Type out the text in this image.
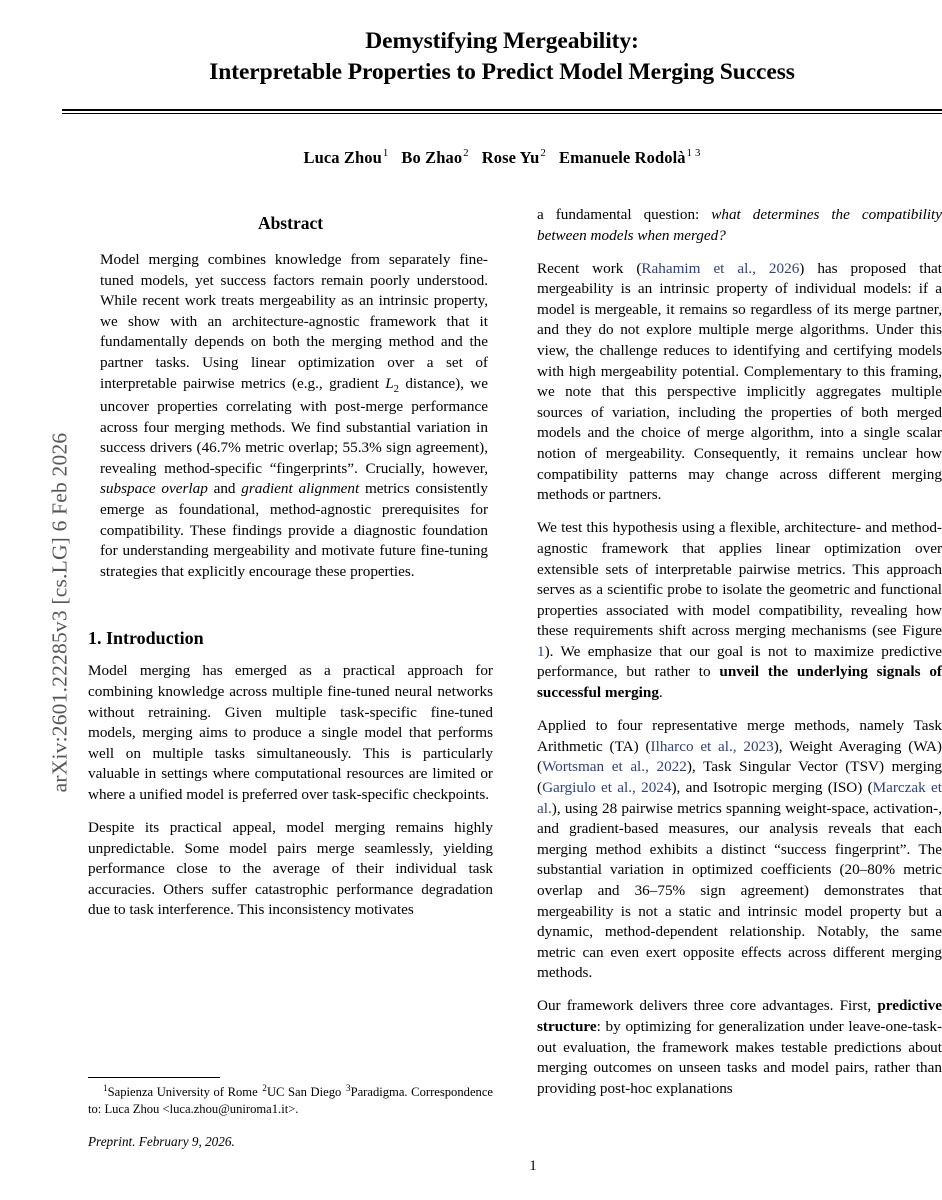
arXiv:2601.22285v3 [cs.LG] 6 Feb 2026
Demystifying Mergeability:
Interpretable Properties to Predict Model Merging Success
Luca Zhou$^1$ Bo Zhao$^2$ Rose Yu$^2$ Emanuele Rodolà$^{1 3}$
Abstract
Model merging combines knowledge from separately fine-tuned models, yet success factors remain poorly understood. While recent work treats mergeability as an intrinsic property, we show with an architecture-agnostic framework that it fundamentally depends on both the merging method and the partner tasks. Using linear optimization over a set of interpretable pairwise metrics (e.g., gradient $L_2$ distance), we uncover properties correlating with post-merge performance across four merging methods. We find substantial variation in success drivers (46.7% metric overlap; 55.3% sign agreement), revealing method-specific “fingerprints”. Crucially, however, subspace overlap and gradient alignment metrics consistently emerge as foundational, method-agnostic prerequisites for compatibility. These findings provide a diagnostic foundation for understanding mergeability and motivate future fine-tuning strategies that explicitly encourage these properties.
1. Introduction

Model merging has emerged as a practical approach for combining knowledge across multiple fine-tuned neural networks without retraining. Given multiple task-specific fine-tuned models, merging aims to produce a single model that performs well on multiple tasks simultaneously. This is particularly valuable in settings where computational resources are limited or where a unified model is preferred over task-specific checkpoints.

Despite its practical appeal, model merging remains highly unpredictable. Some model pairs merge seamlessly, yielding performance close to the average of their individual task accuracies. Others suffer catastrophic performance degradation due to task interference. This inconsistency motivates

$^1$Sapienza University of Rome $^2$UC San Diego $^3$Paradigma. Correspondence to: Luca Zhou <luca.zhou@uniroma1.it>.

Preprint. February 9, 2026.

a fundamental question: what determines the compatibility between models when merged?

Recent work (Rahamim et al., 2026) has proposed that mergeability is an intrinsic property of individual models: if a model is mergeable, it remains so regardless of its merge partner, and they do not explore multiple merge algorithms. Under this view, the challenge reduces to identifying and certifying models with high mergeability potential. Complementary to this framing, we note that this perspective implicitly aggregates multiple sources of variation, including the properties of both merged models and the choice of merge algorithm, into a single scalar notion of mergeability. Consequently, it remains unclear how compatibility patterns may change across different merging methods or partners.

We test this hypothesis using a flexible, architecture- and method-agnostic framework that applies linear optimization over extensible sets of interpretable pairwise metrics. This approach serves as a scientific probe to isolate the geometric and functional properties associated with model compatibility, revealing how these requirements shift across merging mechanisms (see Figure 1). We emphasize that our goal is not to maximize predictive performance, but rather to unveil the underlying signals of successful merging.

Applied to four representative merge methods, namely Task Arithmetic (TA) (Ilharco et al., 2023), Weight Averaging (WA) (Wortsman et al., 2022), Task Singular Vector (TSV) merging (Gargiulo et al., 2024), and Isotropic merging (ISO) (Marczak et al.), using 28 pairwise metrics spanning weight-space, activation-, and gradient-based measures, our analysis reveals that each merging method exhibits a distinct “success fingerprint”. The substantial variation in optimized coefficients (20–80% metric overlap and 36–75% sign agreement) demonstrates that mergeability is not a static and intrinsic model property but a dynamic, method-dependent relationship. Notably, the same metric can even exert opposite effects across different merging methods.

Our framework delivers three core advantages. First, predictive structure: by optimizing for generalization under leave-one-task-out evaluation, the framework makes testable predictions about merging outcomes on unseen tasks and model pairs, rather than providing post-hoc explanations

1
